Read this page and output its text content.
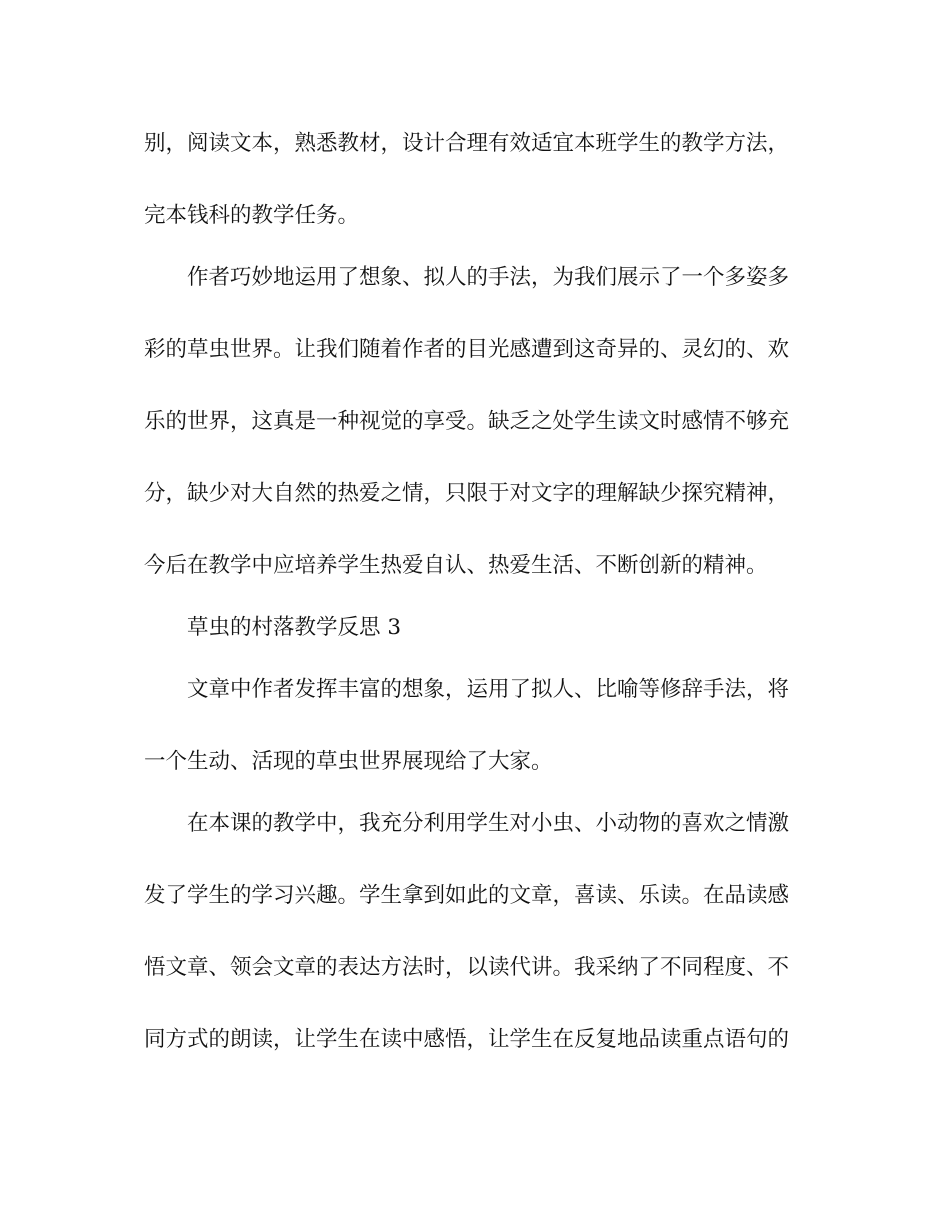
别，阅读文本，熟悉教材，设计合理有效适宜本班学生的教学方法，
完本钱科的教学任务。
作者巧妙地运用了想象、拟人的手法，为我们展示了一个多姿多
彩的草虫世界。让我们随着作者的目光感遭到这奇异的、灵幻的、欢
乐的世界，这真是一种视觉的享受。缺乏之处学生读文时感情不够充
分，缺少对大自然的热爱之情，只限于对文字的理解缺少探究精神，
今后在教学中应培养学生热爱自认、热爱生活、不断创新的精神。
草虫的村落教学反思 3
文章中作者发挥丰富的想象，运用了拟人、比喻等修辞手法，将
一个生动、活现的草虫世界展现给了大家。
在本课的教学中，我充分利用学生对小虫、小动物的喜欢之情激
发了学生的学习兴趣。学生拿到如此的文章，喜读、乐读。在品读感
悟文章、领会文章的表达方法时，以读代讲。我采纳了不同程度、不
同方式的朗读，让学生在读中感悟，让学生在反复地品读重点语句的
